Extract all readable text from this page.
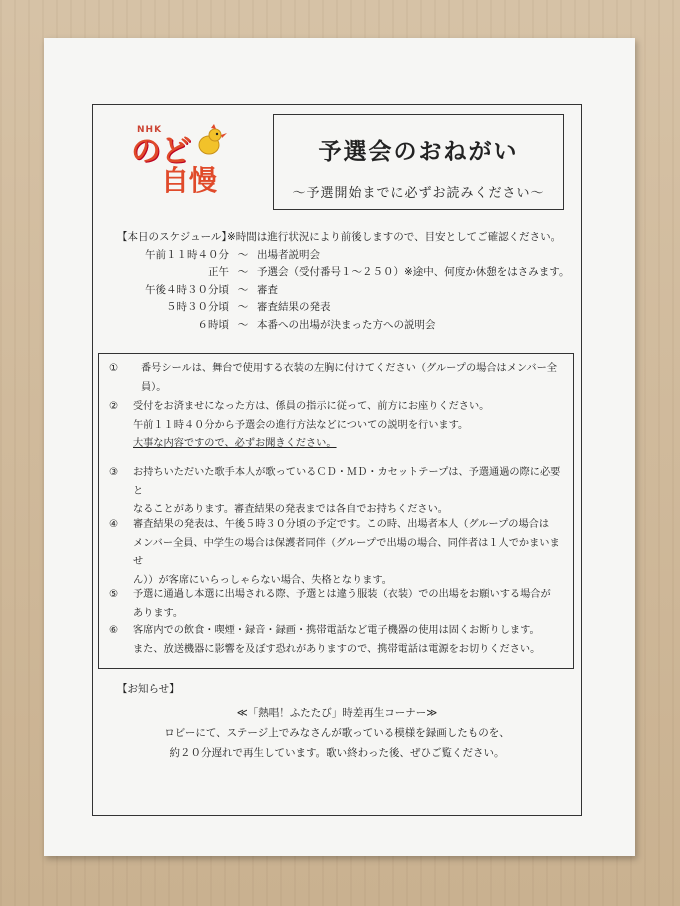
NHK
のど
自慢
予選会のおねがい
～予選開始までに必ずお読みください～
【本日のスケジュール】
※時間は進行状況により前後しますので、目安としてご確認ください。
午前１１時４０分 ～ 出場者説明会
正午 ～ 予選会（受付番号１～２５０）※途中、何度か休憩をはさみます。
午後４時３０分頃 ～ 審査
５時３０分頃 ～ 審査結果の発表
６時頃 ～ 本番への出場が決まった方への説明会
①	番号シールは、舞台で使用する衣装の左胸に付けてください（グループの場合はメンバー全員）。
②	受付をお済ませになった方は、係員の指示に従って、前方にお座りください。
午前１１時４０分から予選会の進行方法などについての説明を行います。
大事な内容ですので、必ずお聞きください。
③	お持ちいただいた歌手本人が歌っているＣＤ・ＭＤ・カセットテープは、予選通過の際に必要と
なることがあります。審査結果の発表までは各自でお持ちください。
④	審査結果の発表は、午後５時３０分頃の予定です。この時、出場者本人（グループの場合は
メンバー全員、中学生の場合は保護者同伴（グループで出場の場合、同伴者は１人でかまいませ
ん））が客席にいらっしゃらない場合、失格となります。
⑤	予選に通過し本選に出場される際、予選とは違う服装（衣装）での出場をお願いする場合が
あります。
⑥	客席内での飲食・喫煙・録音・録画・携帯電話など電子機器の使用は固くお断りします。
また、放送機器に影響を及ぼす恐れがありますので、携帯電話は電源をお切りください。
【お知らせ】
≪「熱唱！ふたたび」時差再生コーナー≫
ロビーにて、ステージ上でみなさんが歌っている模様を録画したものを、
約２０分遅れで再生しています。歌い終わった後、ぜひご覧ください。
